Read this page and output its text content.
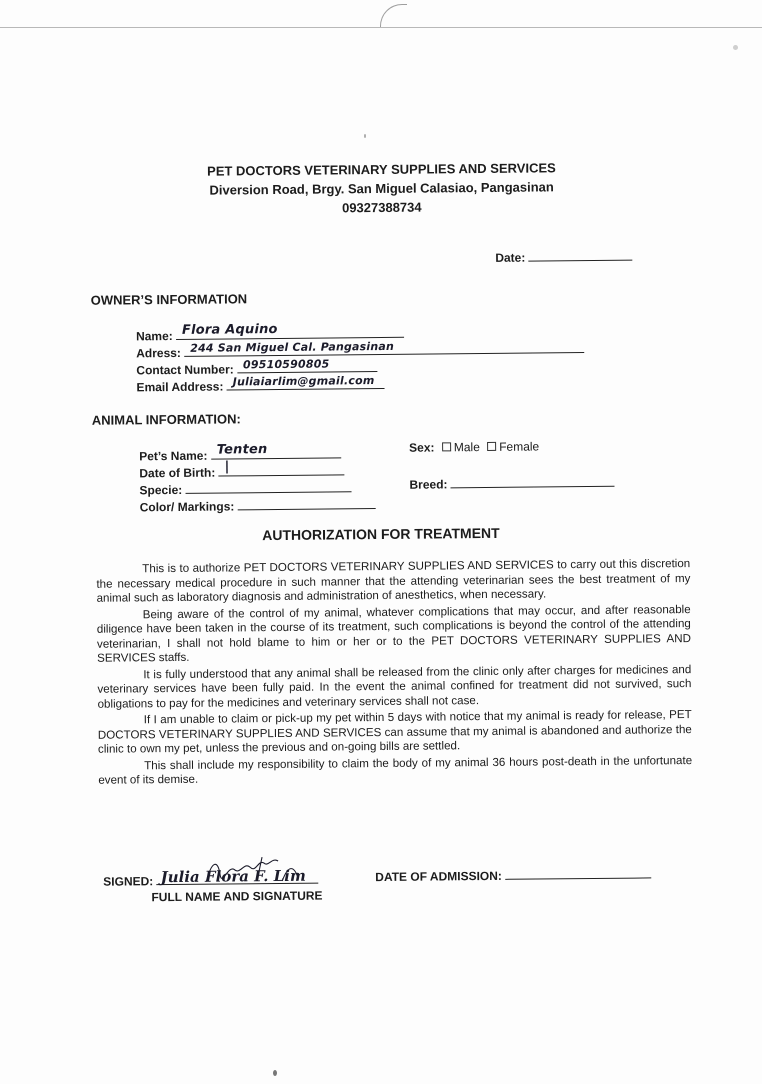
PET DOCTORS VETERINARY SUPPLIES AND SERVICES
Diversion Road, Brgy. San Miguel Calasiao, Pangasinan
09327388734
Date:
OWNER’S INFORMATION
Name: Flora Aquino
Adress: 244 San Miguel Cal. Pangasinan
Contact Number: 09510590805
Email Address: Juliaiarlim@gmail.com
ANIMAL INFORMATION:
Pet’s Name: Tenten
Date of Birth: |
Specie:
Color/ Markings:
Sex: Male Female
Breed:
AUTHORIZATION FOR TREATMENT

This is to authorize PET DOCTORS VETERINARY SUPPLIES AND SERVICES to carry out this discretion the necessary medical procedure in such manner that the attending veterinarian sees the best treatment of my animal such as laboratory diagnosis and administration of anesthetics, when necessary.

Being aware of the control of my animal, whatever complications that may occur, and after reasonable diligence have been taken in the course of its treatment, such complications is beyond the control of the attending veterinarian, I shall not hold blame to him or her or to the PET DOCTORS VETERINARY SUPPLIES AND SERVICES staffs.

It is fully understood that any animal shall be released from the clinic only after charges for medicines and veterinary services have been fully paid. In the event the animal confined for treatment did not survived, such obligations to pay for the medicines and veterinary services shall not case.

If I am unable to claim or pick-up my pet within 5 days with notice that my animal is ready for release, PET DOCTORS VETERINARY SUPPLIES AND SERVICES can assume that my animal is abandoned and authorize the clinic to own my pet, unless the previous and on-going bills are settled.

This shall include my responsibility to claim the body of my animal 36 hours post-death in the unfortunate event of its demise.

SIGNED: Julia Flora F. Lim
FULL NAME AND SIGNATURE
DATE OF ADMISSION:
